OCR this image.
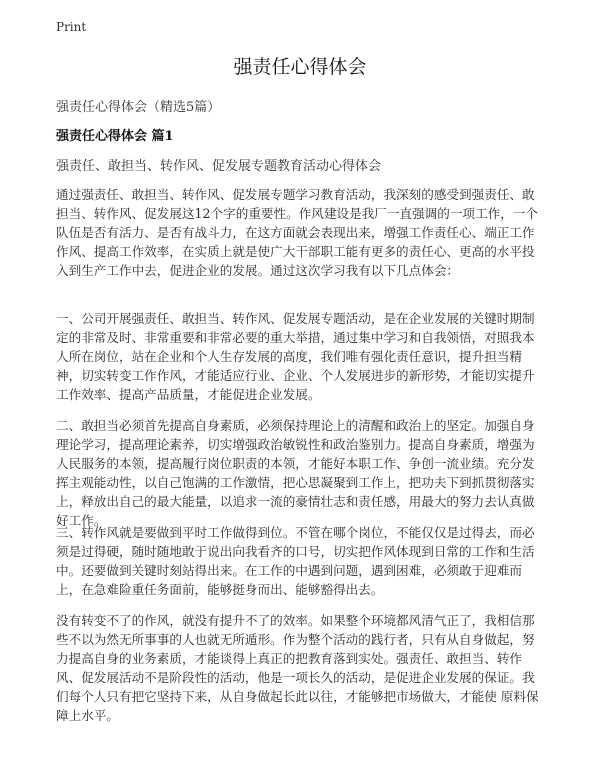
Print
强责任心得体会
强责任心得体会（精选5篇）
强责任心得体会 篇1
强责任、敢担当、转作风、促发展专题教育活动心得体会
通过强责任、敢担当、转作风、促发展专题学习教育活动，我深刻的感受到强责任、敢担当、转作风、促发展这12个字的重要性。作风建设是我厂一直强调的一项工作，一个队伍是否有活力、是否有战斗力，在这方面就会表现出来，增强工作责任心、端正工作作风、提高工作效率，在实质上就是使广大干部职工能有更多的责任心、更高的水平投入到生产工作中去，促进企业的发展。通过这次学习我有以下几点体会：
一、公司开展强责任、敢担当、转作风、促发展专题活动，是在企业发展的关键时期制定的非常及时、非常重要和非常必要的重大举措，通过集中学习和自我领悟，对照我本人所在岗位，站在企业和个人生存发展的高度，我们唯有强化责任意识，提升担当精神，切实转变工作作风，才能适应行业、企业、个人发展进步的新形势，才能切实提升工作效率、提高产品质量，才能促进企业发展。
二、敢担当必须首先提高自身素质，必须保持理论上的清醒和政治上的坚定。加强自身理论学习，提高理论素养，切实增强政治敏锐性和政治鉴别力。提高自身素质，增强为人民服务的本领，提高履行岗位职责的本领，才能好本职工作、争创一流业绩。充分发挥主观能动性，以自己饱满的工作激情，把心思凝聚到工作上，把功夫下到抓贯彻落实上，释放出自己的最大能量，以追求一流的豪情壮志和责任感，用最大的努力去认真做好工作。
三、转作风就是要做到平时工作做得到位。不管在哪个岗位，不能仅仅是过得去，而必须是过得硬，随时随地敢于说出向我看齐的口号，切实把作风体现到日常的工作和生活中。还要做到关键时刻站得出来。在工作的中遇到问题，遇到困难，必须敢于迎难而上，在急难险重任务面前，能够挺身而出、能够豁得出去。
没有转变不了的作风，就没有提升不了的效率。如果整个环境都风清气正了，我相信那些不以为然无所事事的人也就无所遁形。作为整个活动的践行者，只有从自身做起，努力提高自身的业务素质，才能谈得上真正的把教育落到实处。强责任、敢担当、转作风、促发展活动不是阶段性的活动，他是一项长久的活动，是促进企业发展的保证。我们每个人只有把它坚持下来，从自身做起长此以往，才能够把市场做大，才能使 原料保障上水平。
